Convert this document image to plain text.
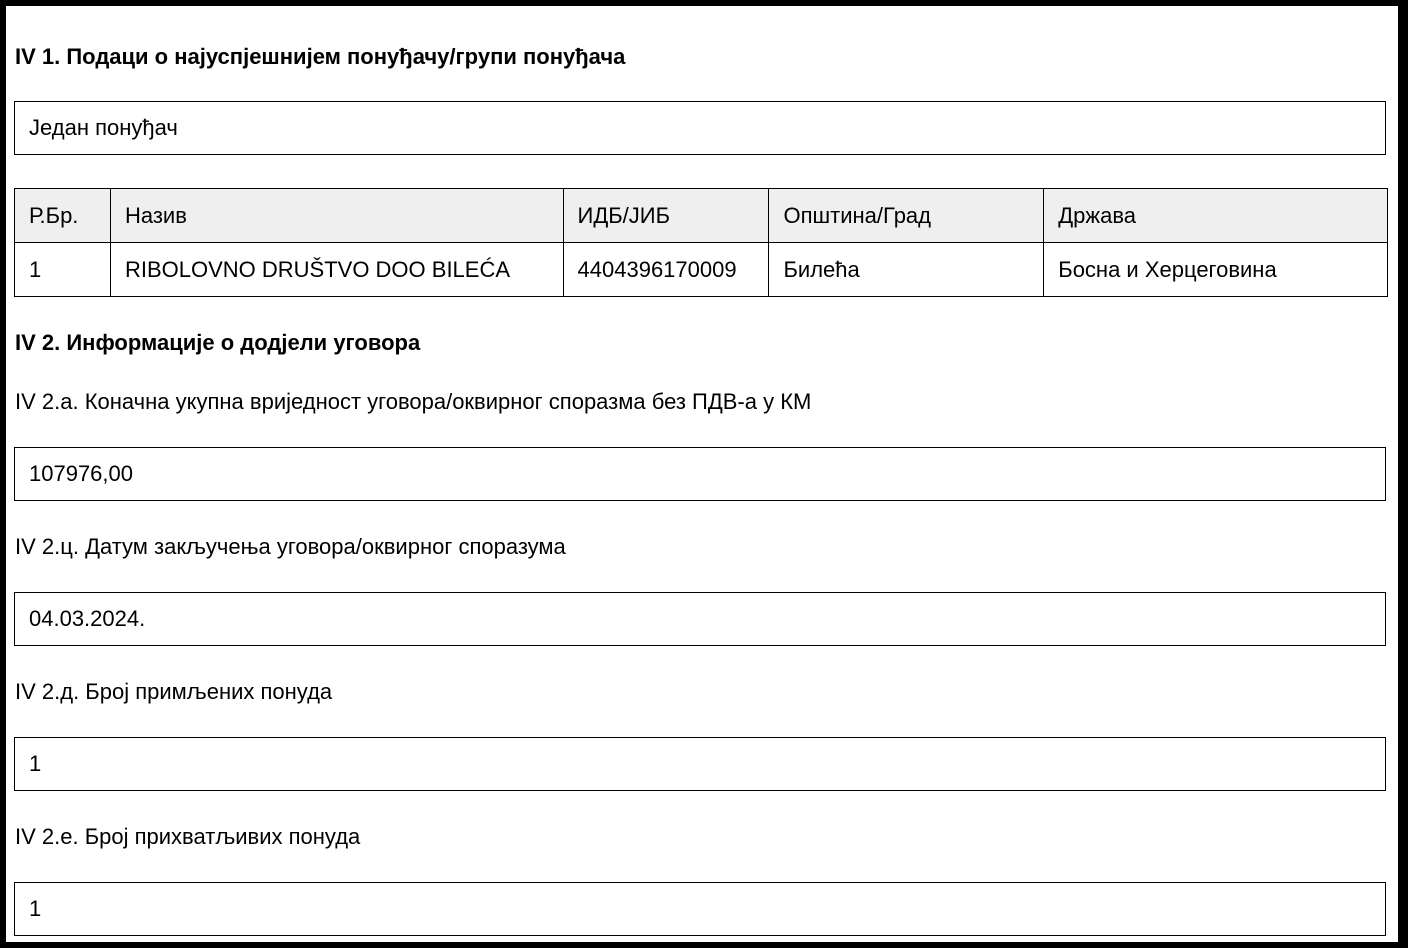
IV 1. Подаци о најуспјешнијем понуђачу/групи понуђача
Један понуђач
Р.Бр.	Назив	ИДБ/ЈИБ	Општина/Град	Држава
1	RIBOLOVNO DRUŠTVO DOO BILEĆA	4404396170009	Билећа	Босна и Херцеговина
IV 2. Информације о додјели уговора
IV 2.а. Коначна укупна вриједност уговора/оквирног споразма без ПДВ-а у КМ
107976,00
IV 2.ц. Датум закључења уговора/оквирног споразума
04.03.2024.
IV 2.д. Број примљених понуда
1
IV 2.е. Број прихватљивих понуда
1
